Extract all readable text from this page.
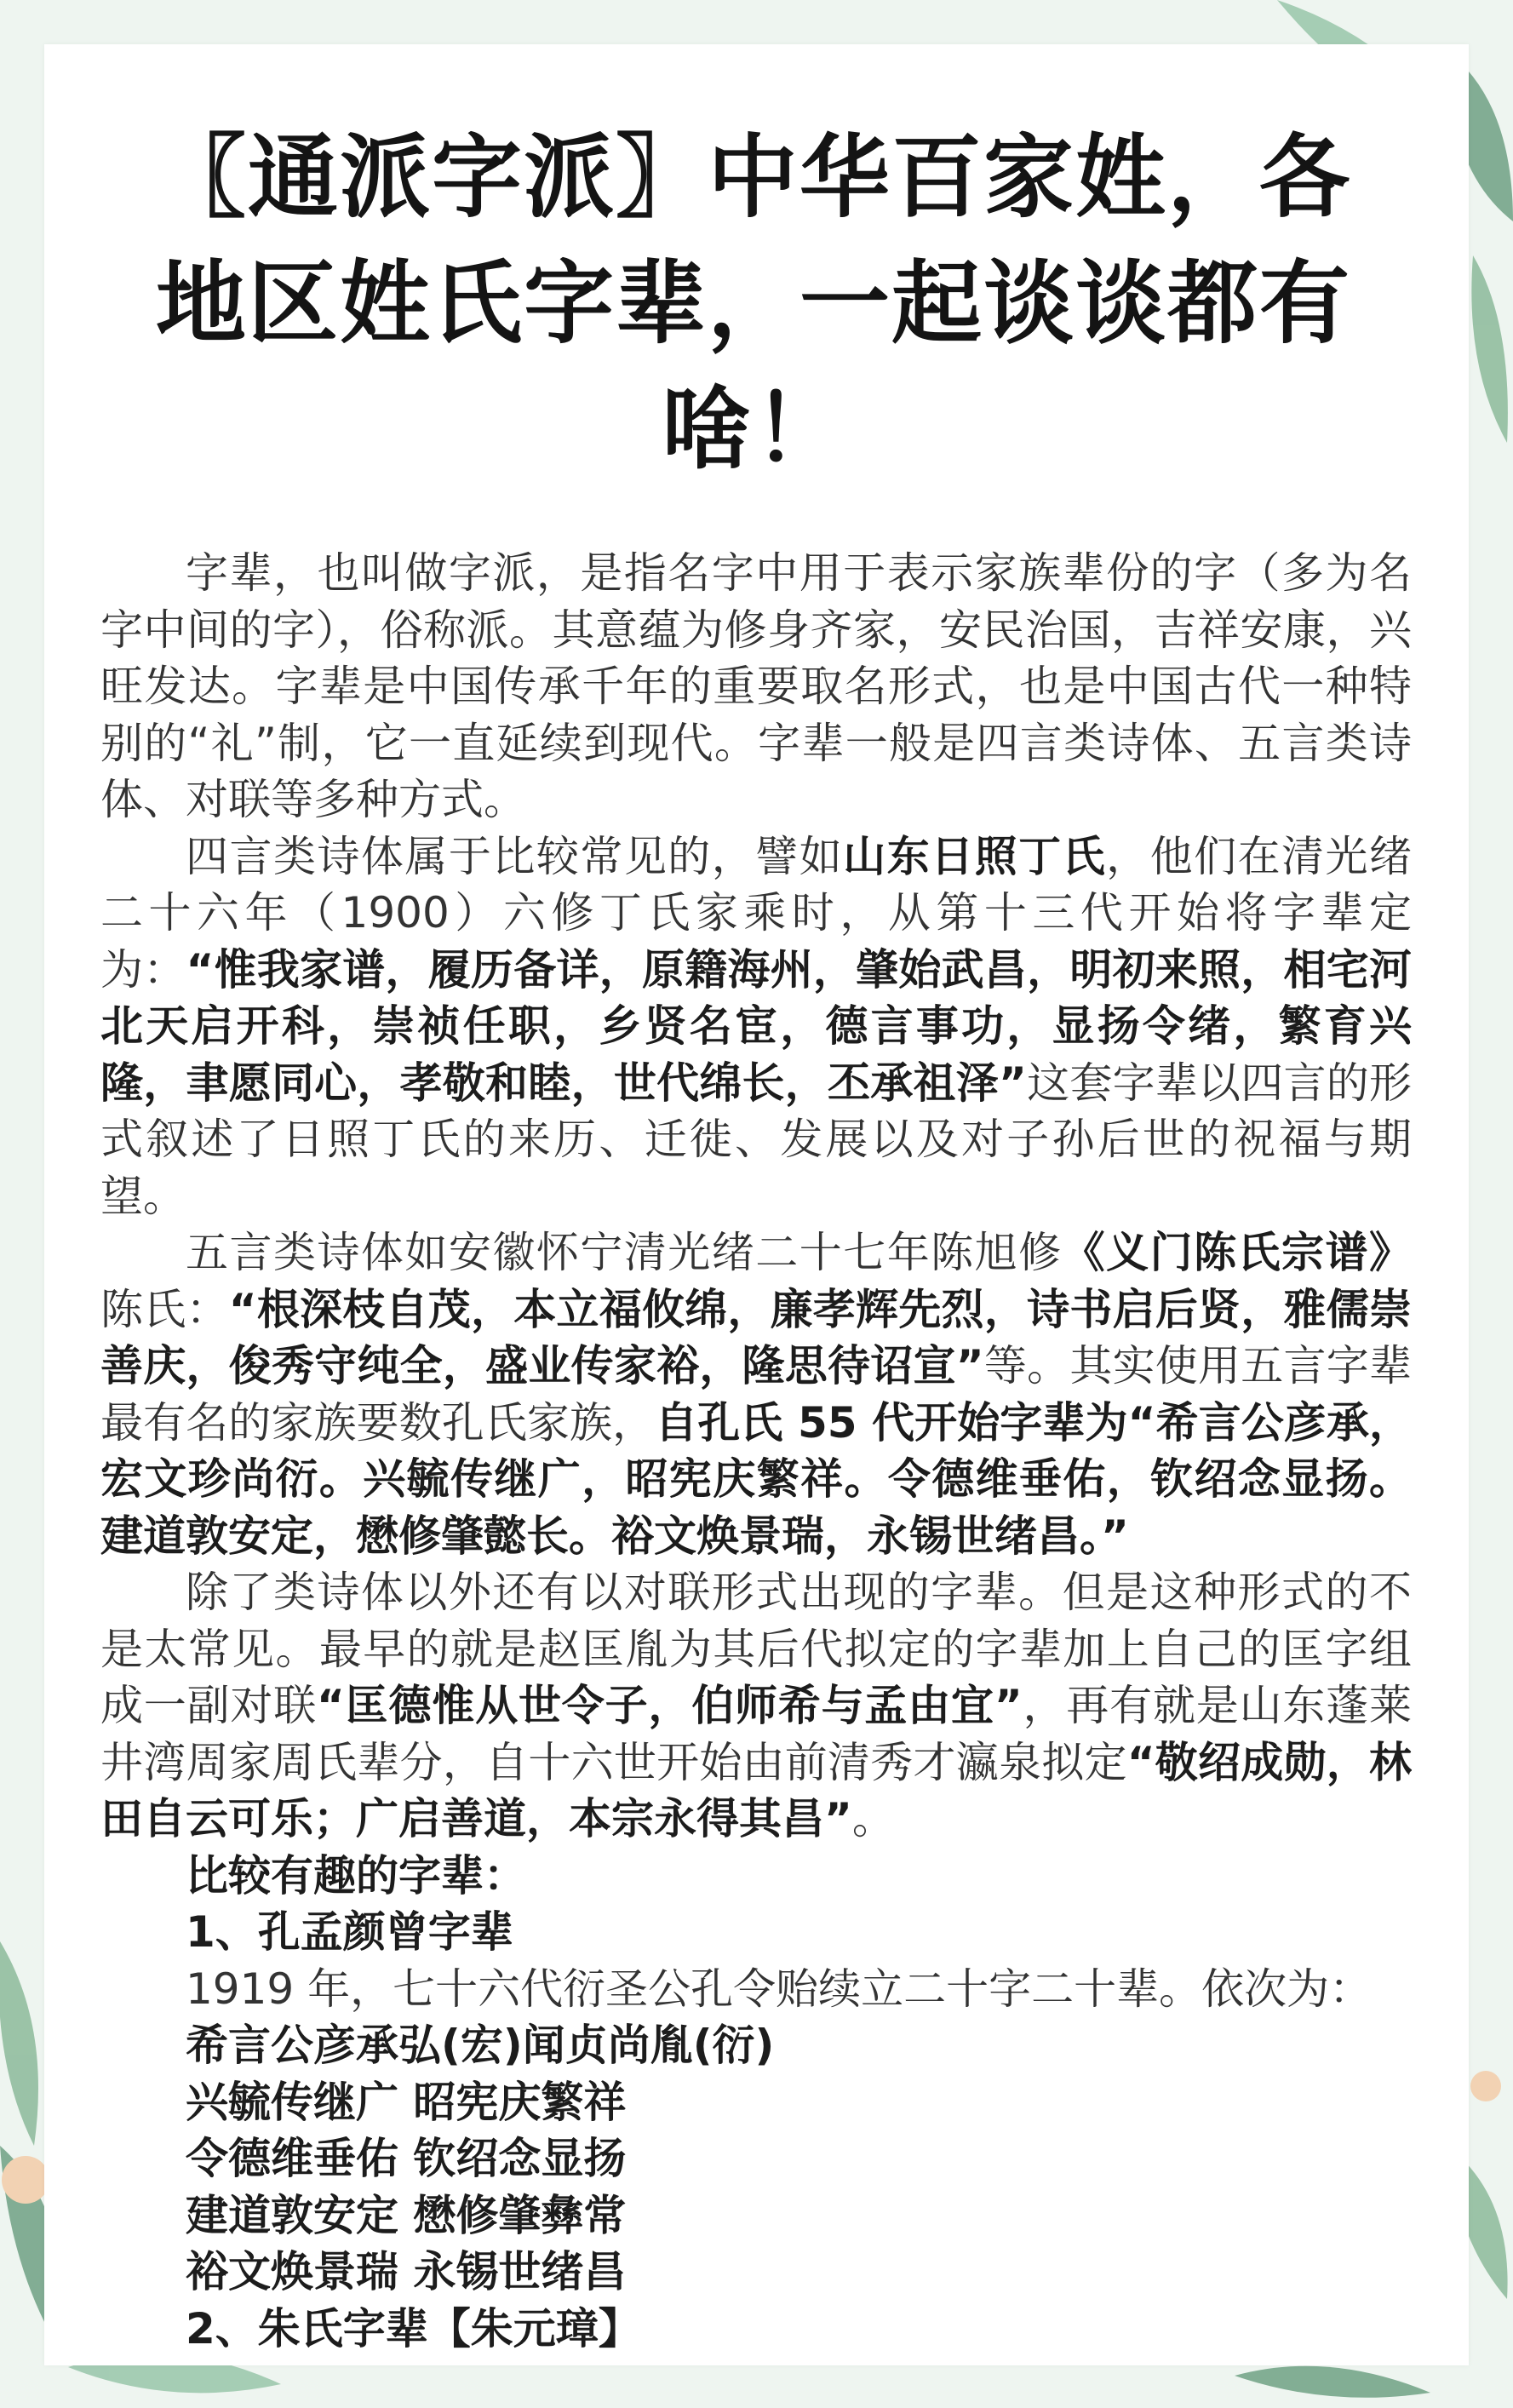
〖通派字派〗中华百家姓，各
地区姓氏字辈，一起谈谈都有
啥！

字辈，也叫做字派，是指名字中用于表示家族辈份的字（多为名字中间的字），俗称派。其意蕴为修身齐家，安民治国，吉祥安康，兴旺发达。字辈是中国传承千年的重要取名形式，也是中国古代一种特别的“礼”制，它一直延续到现代。字辈一般是四言类诗体、五言类诗体、对联等多种方式。

四言类诗体属于比较常见的，譬如山东日照丁氏，他们在清光绪二十六年（1900）六修丁氏家乘时，从第十三代开始将字辈定为：“惟我家谱，履历备详，原籍海州，肇始武昌，明初来照，相宅河北天启开科，崇祯任职，乡贤名宦，德言事功，显扬令绪，繁育兴隆，聿愿同心，孝敬和睦，世代绵长，丕承祖泽”这套字辈以四言的形式叙述了日照丁氏的来历、迁徙、发展以及对子孙后世的祝福与期望。

五言类诗体如安徽怀宁清光绪二十七年陈旭修《义门陈氏宗谱》陈氏：“根深枝自茂，本立福攸绵，廉孝辉先烈，诗书启后贤，雅儒崇善庆，俊秀守纯全，盛业传家裕，隆思待诏宣”等。其实使用五言字辈最有名的家族要数孔氏家族，自孔氏 55 代开始字辈为“希言公彦承，宏文珍尚衍。兴毓传继广，昭宪庆繁祥。令德维垂佑，钦绍念显扬。建道敦安定，懋修肇懿长。裕文焕景瑞，永锡世绪昌。”

除了类诗体以外还有以对联形式出现的字辈。但是这种形式的不是太常见。最早的就是赵匡胤为其后代拟定的字辈加上自己的匡字组成一副对联“匡德惟从世令子，伯师希与孟由宜”，再有就是山东蓬莱井湾周家周氏辈分，自十六世开始由前清秀才瀛泉拟定“敬绍成勋，林田自云可乐；广启善道，本宗永得其昌”。

比较有趣的字辈：
1、孔孟颜曾字辈
1919 年，七十六代衍圣公孔令贻续立二十字二十辈。依次为：
希言公彦承弘(宏)闻贞尚胤(衍)
兴毓传继广 昭宪庆繁祥
令德维垂佑 钦绍念显扬
建道敦安定 懋修肇彝常
裕文焕景瑞 永锡世绪昌
2、朱氏字辈【朱元璋】
